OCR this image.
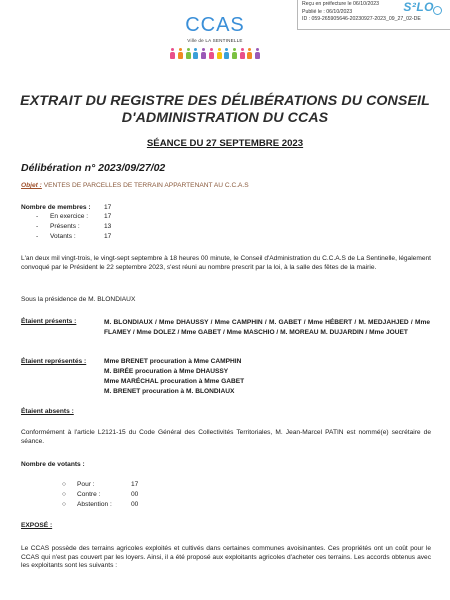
Reçu en préfecture le 06/10/2023
Publié le : 06/10/2023
ID : 059-265905646-20230927-2023_09_27_02-DE
S²LO
CCAS
Ville de LA SENTINELLE
EXTRAIT DU REGISTRE DES DÉLIBÉRATIONS DU CONSEIL
D'ADMINISTRATION DU CCAS
SÉANCE DU 27 SEPTEMBRE 2023
Délibération n° 2023/09/27/02
Objet : VENTES DE PARCELLES DE TERRAIN APPARTENANT AU C.C.A.S
Nombre de membres : 17
- En exercice : 17
- Présents :	13
- Votants :	17
L'an deux mil vingt-trois, le vingt-sept septembre à 18 heures 00 minute, le Conseil d'Administration du C.C.A.S de La Sentinelle, légalement convoqué par le Président le 22 septembre 2023, s'est réuni au nombre prescrit par la loi, à la salle des fêtes de la mairie.
Sous la présidence de M. BLONDIAUX
Étaient présents :	M. BLONDIAUX / Mme DHAUSSY / Mme CAMPHIN / M. GABET / Mme HÉBERT / M. MEDJAHJED / Mme FLAMEY / Mme DOLEZ / Mme GABET / Mme MASCHIO / M. MOREAU M. DUJARDIN / Mme JOUET
Étaient représentés :	Mme BRENET procuration à Mme CAMPHIN
M. BIRÉE procuration à Mme DHAUSSY
Mme MARÉCHAL procuration à Mme GABET
M. BRENET procuration à M. BLONDIAUX
Étaient absents :
Conformément à l'article L2121-15 du Code Général des Collectivités Territoriales, M. Jean-Marcel PATIN est nommé(e) secrétaire de séance.
Nombre de votants :
○ Pour :	17
○ Contre :	00
○ Abstention :	00
EXPOSÉ :
Le CCAS possède des terrains agricoles exploités et cultivés dans certaines communes avoisinantes. Ces propriétés ont un coût pour le CCAS qui n'est pas couvert par les loyers. Ainsi, il a été proposé aux exploitants agricoles d'acheter ces terrains. Les accords obtenus avec les exploitants sont les suivants :
